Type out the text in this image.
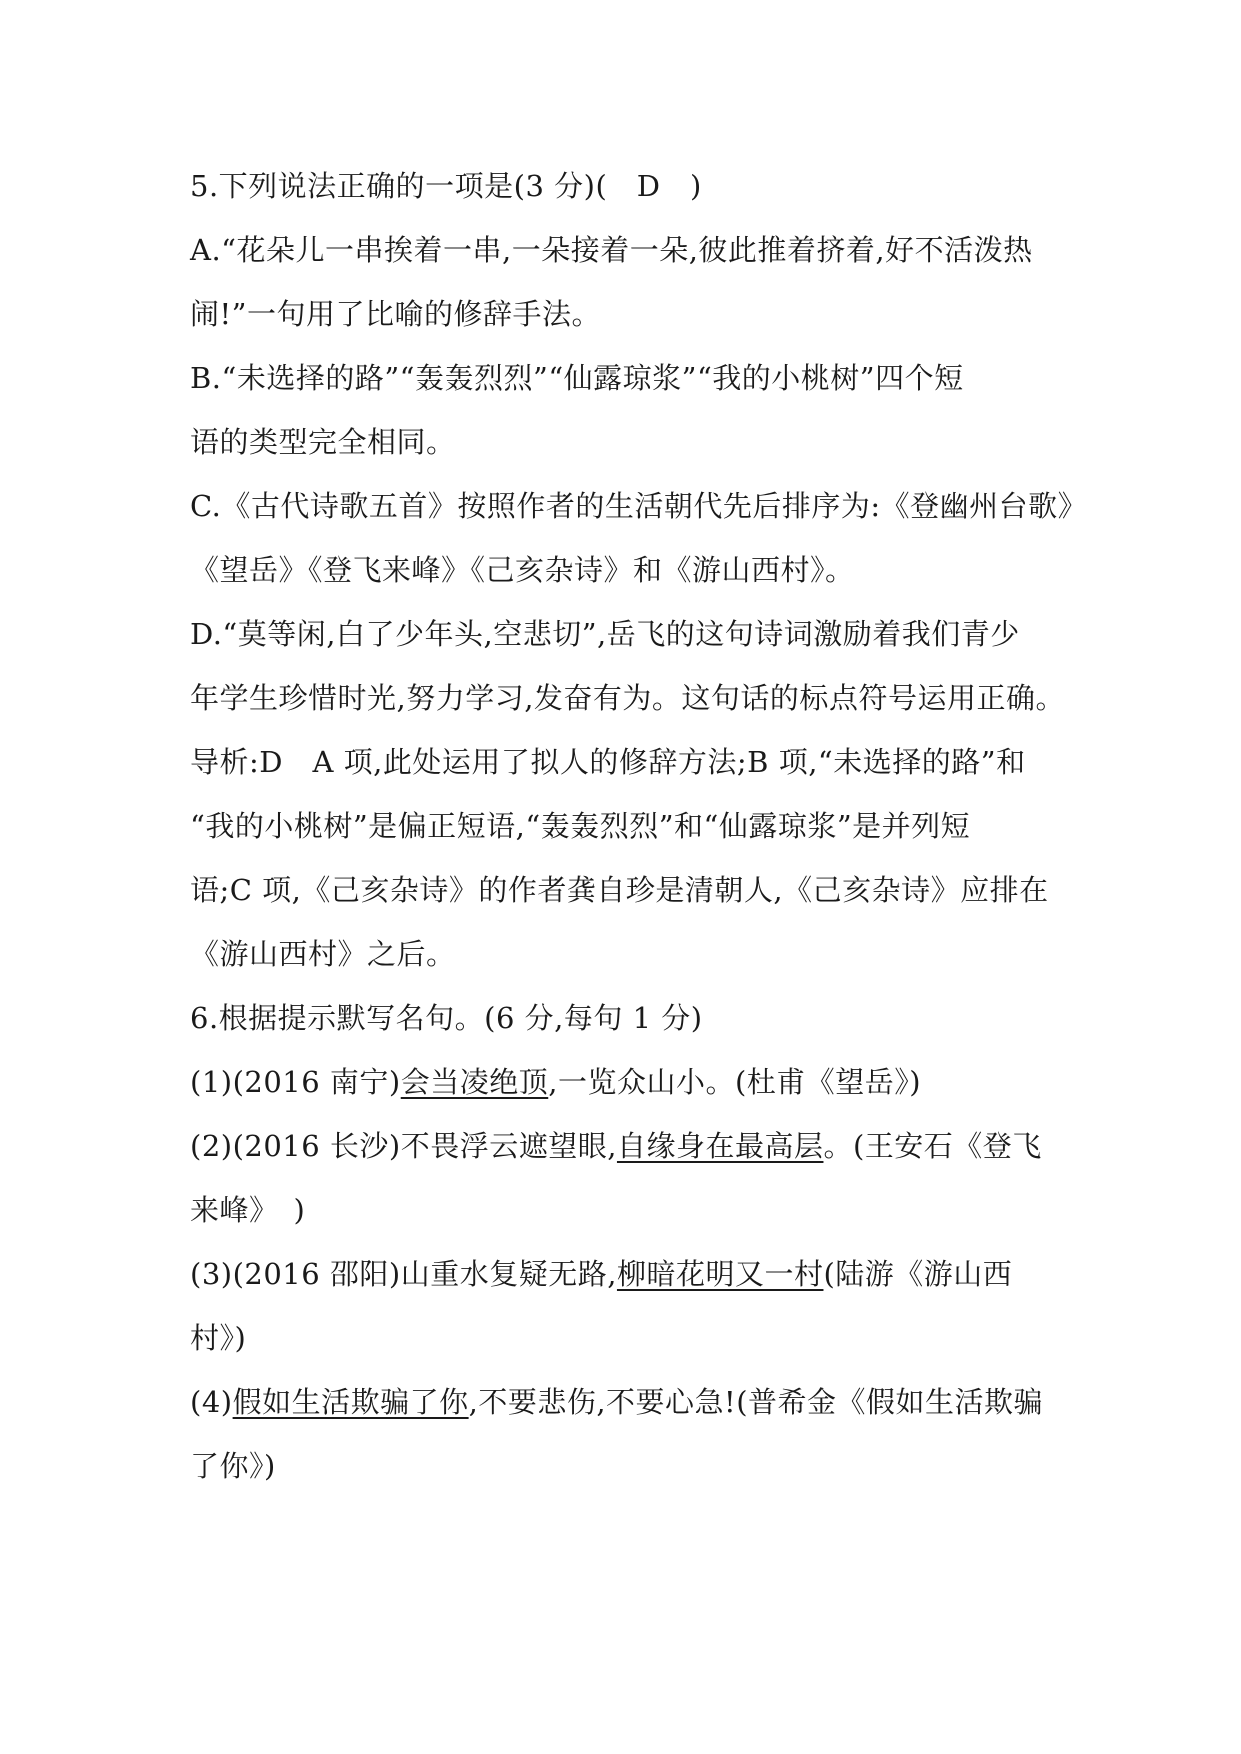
5.下列说法正确的一项是(3 分)(　D　)
A.“花朵儿一串挨着一串,一朵接着一朵,彼此推着挤着,好不活泼热
闹!”一句用了比喻的修辞手法。
B.“未选择的路”“轰轰烈烈”“仙露琼浆”“我的小桃树”四个短
语的类型完全相同。
C.《古代诗歌五首》按照作者的生活朝代先后排序为:《登幽州台歌》
《望岳》《登飞来峰》《己亥杂诗》和《游山西村》。
D.“莫等闲,白了少年头,空悲切”,岳飞的这句诗词激励着我们青少
年学生珍惜时光,努力学习,发奋有为。这句话的标点符号运用正确。
导析:D　A 项,此处运用了拟人的修辞方法;B 项,“未选择的路”和
“我的小桃树”是偏正短语,“轰轰烈烈”和“仙露琼浆”是并列短
语;C 项,《己亥杂诗》的作者龚自珍是清朝人,《己亥杂诗》应排在
《游山西村》之后。
6.根据提示默写名句。(6 分,每句 1 分)
(1)(2016 南宁)会当凌绝顶,一览众山小。(杜甫《望岳》)
(2)(2016 长沙)不畏浮云遮望眼,自缘身在最高层。(王安石《登飞
来峰》　)
(3)(2016 邵阳)山重水复疑无路,柳暗花明又一村(陆游《游山西
村》)
(4)假如生活欺骗了你,不要悲伤,不要心急!(普希金《假如生活欺骗
了你》)
